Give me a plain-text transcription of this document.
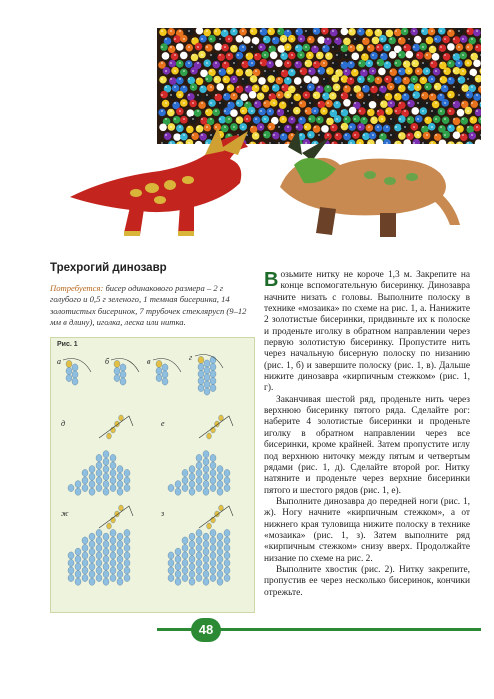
Трехрогий динозавр
Потребуется: бисер одинакового размера – 2 г голубого и 0,5 г зеленого, 1 темная бисеринка, 14 золотистых бисеринок, 7 трубочек стеклярусп (9–12 мм в длину), иголка, леска или нитка.
Рис. 1
а	б	в	г
д	е
ж	з

Возьмите нитку не короче 1,3 м. Закрепите на конце вспомогательную бисеринку. Динозавра начните низать с головы. Выполните полоску в технике «мозаика» по схеме на рис. 1, а. Нанижите 2 золотистые бисеринки, придвиньте их к полоске и проденьте иголку в обратном направлении через первую золотистую бисеринку. Пропустите нить через начальную бисерную полоску по низанию (рис. 1, б) и завершите полоску (рис. 1, в). Дальше нижите динозавра «кирпичным стежком» (рис. 1, г).

Заканчивая шестой ряд, проденьте нить через верхнюю бисеринку пятого ряда. Сделайте рог: наберите 4 золотистые бисеринки и проденьте иголку в обратном направлении через все бисеринки, кроме крайней. Затем пропустите иглу под верхнюю ниточку между пятым и четвертым рядами (рис. 1, д). Сделайте второй рог. Нитку натяните и проденьте через верхние бисеринки пятого и шестого рядов (рис. 1, е).

Выполните динозавра до передней ноги (рис. 1, ж). Ногу начните «кирпичным стежком», а от нижнего края туловища нижите полоску в технике «мозаика» (рис. 1, з). Затем выполните ряд «кирпичным стежком» снизу вверх. Продолжайте низание по схеме на рис. 2.

Выполните хвостик (рис. 2). Нитку закрепите, пропустив ее через несколько бисеринок, кончики отрежьте.

48
